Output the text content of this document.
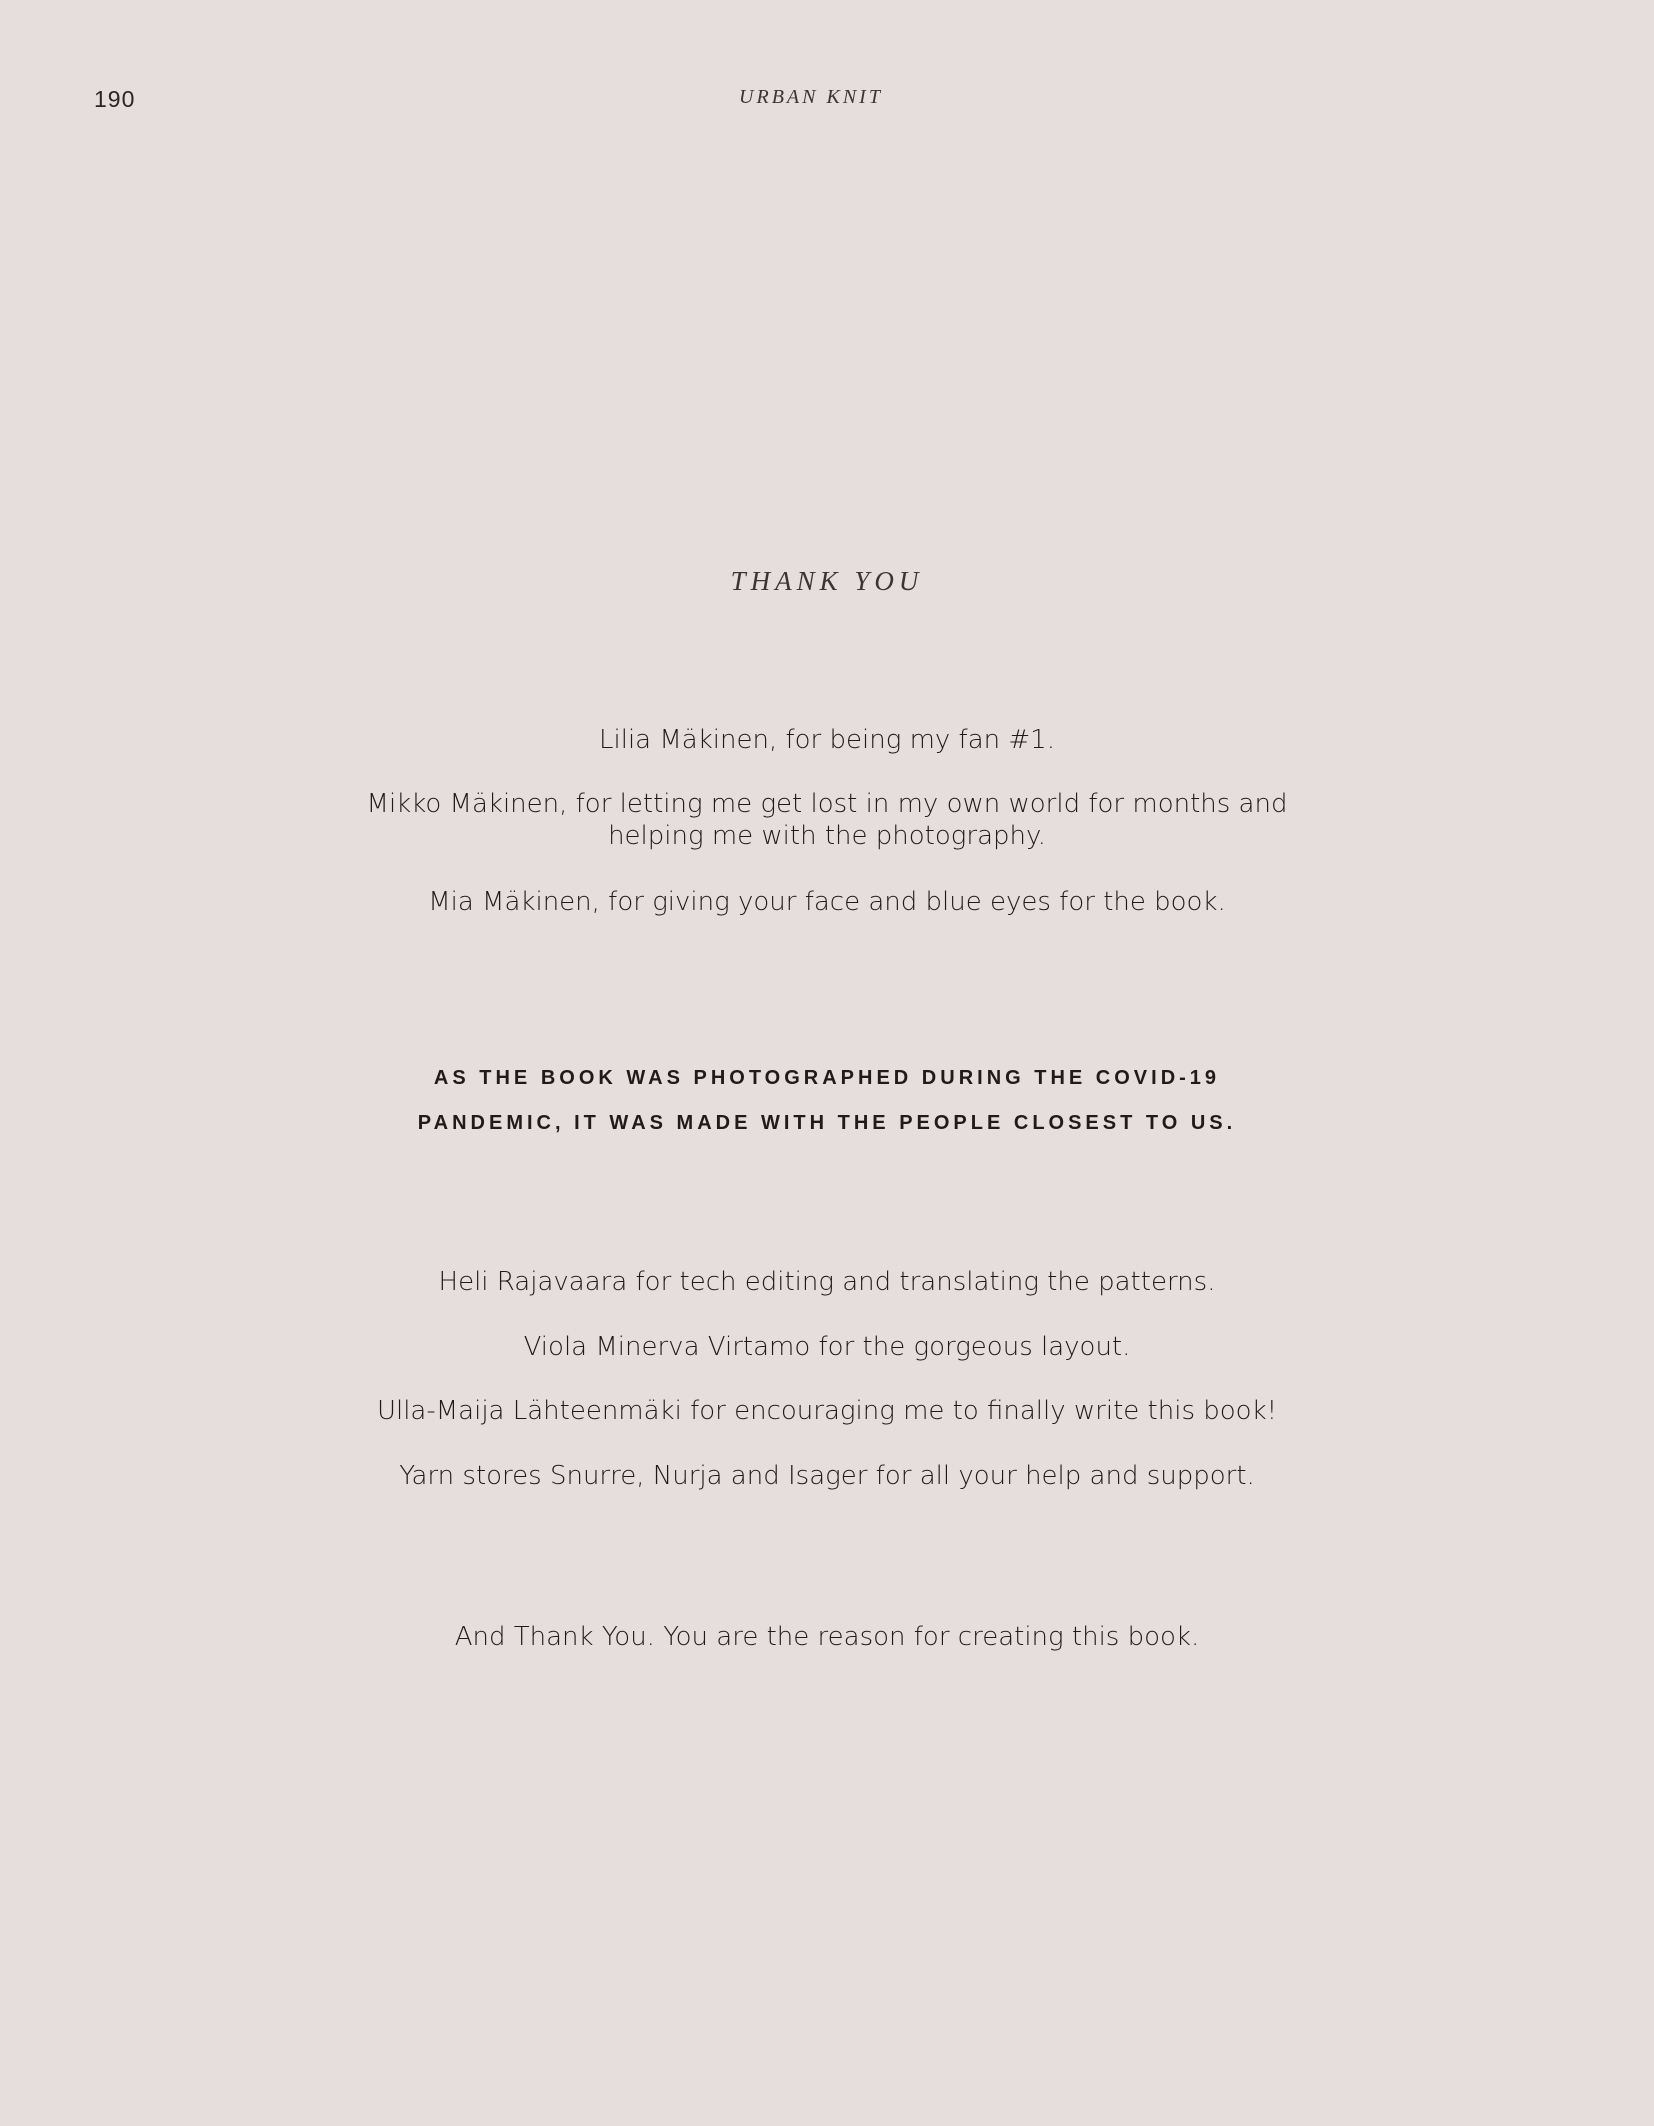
190	URBAN KNIT
THANK YOU
Lilia Mäkinen, for being my fan #1.
Mikko Mäkinen, for letting me get lost in my own world for months and
helping me with the photography.
Mia Mäkinen, for giving your face and blue eyes for the book.
AS THE BOOK WAS PHOTOGRAPHED DURING THE COVID-19
PANDEMIC, IT WAS MADE WITH THE PEOPLE CLOSEST TO US.
Heli Rajavaara for tech editing and translating the patterns.
Viola Minerva Virtamo for the gorgeous layout.
Ulla-Maija Lähteenmäki for encouraging me to finally write this book!
Yarn stores Snurre, Nurja and Isager for all your help and support.
And Thank You. You are the reason for creating this book.
